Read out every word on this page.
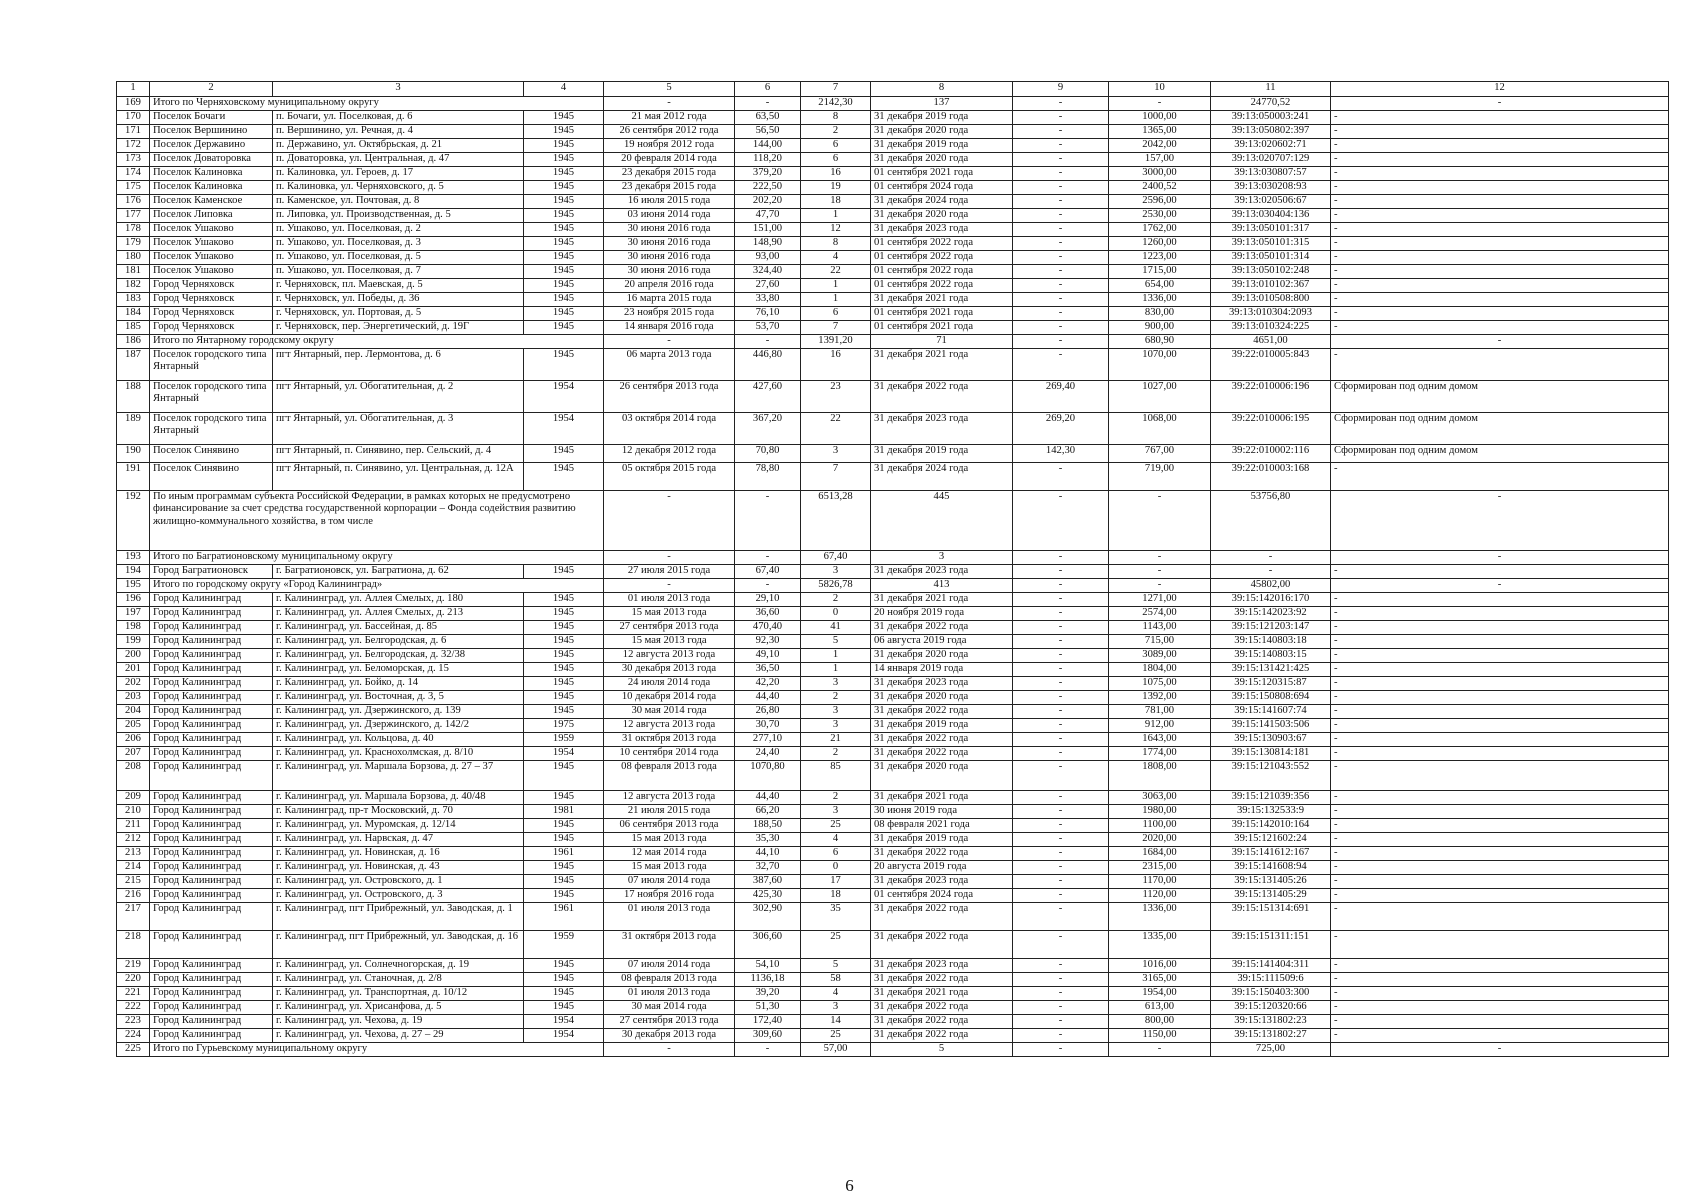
1	2	3	4	5	6	7	8	9	10	11	12	
169	Итого по Черняховскому муниципальному округу			-	-	2142,30	137	-	-	24770,52	-	
170	Поселок Бочаги	п. Бочаги, ул. Поселковая, д. 6	1945	21 мая 2012 года	63,50	8	31 декабря 2019 года	-	1000,00	39:13:050003:241	-	
171	Поселок Вершинино	п. Вершинино, ул. Речная, д. 4	1945	26 сентября 2012 года	56,50	2	31 декабря 2020 года	-	1365,00	39:13:050802:397	-	
172	Поселок Державино	п. Державино, ул. Октябрьская, д. 21	1945	19 ноября 2012 года	144,00	6	31 декабря 2019 года	-	2042,00	39:13:020602:71	-	
173	Поселок Доваторовка	п. Доваторовка, ул. Центральная, д. 47	1945	20 февраля 2014 года	118,20	6	31 декабря 2020 года	-	157,00	39:13:020707:129	-	
174	Поселок Калиновка	п. Калиновка, ул. Героев, д. 17	1945	23 декабря 2015 года	379,20	16	01 сентября 2021 года	-	3000,00	39:13:030807:57	-	
175	Поселок Калиновка	п. Калиновка, ул. Черняховского, д. 5	1945	23 декабря 2015 года	222,50	19	01 сентября 2024 года	-	2400,52	39:13:030208:93	-	
176	Поселок Каменское	п. Каменское, ул. Почтовая, д. 8	1945	16 июля 2015 года	202,20	18	31 декабря 2024 года	-	2596,00	39:13:020506:67	-	
177	Поселок Липовка	п. Липовка, ул. Производственная, д. 5	1945	03 июня 2014 года	47,70	1	31 декабря 2020 года	-	2530,00	39:13:030404:136	-	
178	Поселок Ушаково	п. Ушаково, ул. Поселковая, д. 2	1945	30 июня 2016 года	151,00	12	31 декабря 2023 года	-	1762,00	39:13:050101:317	-	
179	Поселок Ушаково	п. Ушаково, ул. Поселковая, д. 3	1945	30 июня 2016 года	148,90	8	01 сентября 2022 года	-	1260,00	39:13:050101:315	-	
180	Поселок Ушаково	п. Ушаково, ул. Поселковая, д. 5	1945	30 июня 2016 года	93,00	4	01 сентября 2022 года	-	1223,00	39:13:050101:314	-	
181	Поселок Ушаково	п. Ушаково, ул. Поселковая, д. 7	1945	30 июня 2016 года	324,40	22	01 сентября 2022 года	-	1715,00	39:13:050102:248	-	
182	Город Черняховск	г. Черняховск, пл. Маевская, д. 5	1945	20 апреля 2016 года	27,60	1	01 сентября 2022 года	-	654,00	39:13:010102:367	-	
183	Город Черняховск	г. Черняховск, ул. Победы, д. 36	1945	16 марта 2015 года	33,80	1	31 декабря 2021 года	-	1336,00	39:13:010508:800	-	
184	Город Черняховск	г. Черняховск, ул. Портовая, д. 5	1945	23 ноября 2015 года	76,10	6	01 сентября 2021 года	-	830,00	39:13:010304:2093	-	
185	Город Черняховск	г. Черняховск, пер. Энергетический, д. 19Г	1945	14 января 2016 года	53,70	7	01 сентября 2021 года	-	900,00	39:13:010324:225	-	
186	Итого по Янтарному городскому округу			-	-	1391,20	71	-	680,90	4651,00	-	
187	Поселок городского типа Янтарный	пгт Янтарный, пер. Лермонтова, д. 6	1945	06 марта 2013 года	446,80	16	31 декабря 2021 года	-	1070,00	39:22:010005:843	-	
188	Поселок городского типа Янтарный	пгт Янтарный, ул. Обогатительная, д. 2	1954	26 сентября 2013 года	427,60	23	31 декабря 2022 года	269,40	1027,00	39:22:010006:196	Сформирован под одним домом	
189	Поселок городского типа Янтарный	пгт Янтарный, ул. Обогатительная, д. 3	1954	03 октября 2014 года	367,20	22	31 декабря 2023 года	269,20	1068,00	39:22:010006:195	Сформирован под одним домом	
190	Поселок Синявино	пгт Янтарный, п. Синявино, пер. Сельский, д. 4	1945	12 декабря 2012 года	70,80	3	31 декабря 2019 года	142,30	767,00	39:22:010002:116	Сформирован под одним домом	
191	Поселок Синявино	пгт Янтарный, п. Синявино, ул. Центральная, д. 12А	1945	05 октября 2015 года	78,80	7	31 декабря 2024 года	-	719,00	39:22:010003:168	-	
192	По иным программам субъекта Российской Федерации, в рамках которых не предусмотрено финансирование за счет средства государственной корпорации – Фонда содействия развитию жилищно-коммунального хозяйства, в том числе			-	-	6513,28	445	-	-	53756,80	-	
193	Итого по Багратионовскому муниципальному округу			-	-	67,40	3	-	-	-	-	
194	Город Багратионовск	г. Багратионовск, ул. Багратиона, д. 62	1945	27 июля 2015 года	67,40	3	31 декабря 2023 года	-	-	-	-	
195	Итого по городскому округу «Город Калининград»			-	-	5826,78	413	-	-	45802,00	-	
196	Город Калининград	г. Калининград, ул. Аллея Смелых, д. 180	1945	01 июля 2013 года	29,10	2	31 декабря 2021 года	-	1271,00	39:15:142016:170	-	
197	Город Калининград	г. Калининград, ул. Аллея Смелых, д. 213	1945	15 мая 2013 года	36,60	0	20 ноября 2019 года	-	2574,00	39:15:142023:92	-	
198	Город Калининград	г. Калининград, ул. Бассейная, д. 85	1945	27 сентября 2013 года	470,40	41	31 декабря 2022 года	-	1143,00	39:15:121203:147	-	
199	Город Калининград	г. Калининград, ул. Белгородская, д. 6	1945	15 мая 2013 года	92,30	5	06 августа 2019 года	-	715,00	39:15:140803:18	-	
200	Город Калининград	г. Калининград, ул. Белгородская, д. 32/38	1945	12 августа 2013 года	49,10	1	31 декабря 2020 года	-	3089,00	39:15:140803:15	-	
201	Город Калининград	г. Калининград, ул. Беломорская, д. 15	1945	30 декабря 2013 года	36,50	1	14 января 2019 года	-	1804,00	39:15:131421:425	-	
202	Город Калининград	г. Калининград, ул. Бойко, д. 14	1945	24 июля 2014 года	42,20	3	31 декабря 2023 года	-	1075,00	39:15:120315:87	-	
203	Город Калининград	г. Калининград, ул. Восточная, д. 3, 5	1945	10 декабря 2014 года	44,40	2	31 декабря 2020 года	-	1392,00	39:15:150808:694	-	
204	Город Калининград	г. Калининград, ул. Дзержинского, д. 139	1945	30 мая 2014 года	26,80	3	31 декабря 2022 года	-	781,00	39:15:141607:74	-	
205	Город Калининград	г. Калининград, ул. Дзержинского, д. 142/2	1975	12 августа 2013 года	30,70	3	31 декабря 2019 года	-	912,00	39:15:141503:506	-	
206	Город Калининград	г. Калининград, ул. Кольцова, д. 40	1959	31 октября 2013 года	277,10	21	31 декабря 2022 года	-	1643,00	39:15:130903:67	-	
207	Город Калининград	г. Калининград, ул. Краснохолмская, д. 8/10	1954	10 сентября 2014 года	24,40	2	31 декабря 2022 года	-	1774,00	39:15:130814:181	-	
208	Город Калининград	г. Калининград, ул. Маршала Борзова, д. 27 – 37	1945	08 февраля 2013 года	1070,80	85	31 декабря 2020 года	-	1808,00	39:15:121043:552	-	
209	Город Калининград	г. Калининград, ул. Маршала Борзова, д. 40/48	1945	12 августа 2013 года	44,40	2	31 декабря 2021 года	-	3063,00	39:15:121039:356	-	
210	Город Калининград	г. Калининград, пр-т Московский, д. 70	1981	21 июля 2015 года	66,20	3	30 июня 2019 года	-	1980,00	39:15:132533:9	-	
211	Город Калининград	г. Калининград, ул. Муромская, д. 12/14	1945	06 сентября 2013 года	188,50	25	08 февраля 2021 года	-	1100,00	39:15:142010:164	-	
212	Город Калининград	г. Калининград, ул. Нарвская, д. 47	1945	15 мая 2013 года	35,30	4	31 декабря 2019 года	-	2020,00	39:15:121602:24	-	
213	Город Калининград	г. Калининград, ул. Новинская, д. 16	1961	12 мая 2014 года	44,10	6	31 декабря 2022 года	-	1684,00	39:15:141612:167	-	
214	Город Калининград	г. Калининград, ул. Новинская, д. 43	1945	15 мая 2013 года	32,70	0	20 августа 2019 года	-	2315,00	39:15:141608:94	-	
215	Город Калининград	г. Калининград, ул. Островского, д. 1	1945	07 июля 2014 года	387,60	17	31 декабря 2023 года	-	1170,00	39:15:131405:26	-	
216	Город Калининград	г. Калининград, ул. Островского, д. 3	1945	17 ноября 2016 года	425,30	18	01 сентября 2024 года	-	1120,00	39:15:131405:29	-	
217	Город Калининград	г. Калининград, пгт Прибрежный, ул. Заводская, д. 1	1961	01 июля 2013 года	302,90	35	31 декабря 2022 года	-	1336,00	39:15:151314:691	-	
218	Город Калининград	г. Калининград, пгт Прибрежный, ул. Заводская, д. 16	1959	31 октября 2013 года	306,60	25	31 декабря 2022 года	-	1335,00	39:15:151311:151	-	
219	Город Калининград	г. Калининград, ул. Солнечногорская, д. 19	1945	07 июля 2014 года	54,10	5	31 декабря 2023 года	-	1016,00	39:15:141404:311	-	
220	Город Калининград	г. Калининград, ул. Станочная, д. 2/8	1945	08 февраля 2013 года	1136,18	58	31 декабря 2022 года	-	3165,00	39:15:111509:6	-	
221	Город Калининград	г. Калининград, ул. Транспортная, д. 10/12	1945	01 июля 2013 года	39,20	4	31 декабря 2021 года	-	1954,00	39:15:150403:300	-	
222	Город Калининград	г. Калининград, ул. Хрисанфова, д. 5	1945	30 мая 2014 года	51,30	3	31 декабря 2022 года	-	613,00	39:15:120320:66	-	
223	Город Калининград	г. Калининград, ул. Чехова, д. 19	1954	27 сентября 2013 года	172,40	14	31 декабря 2022 года	-	800,00	39:15:131802:23	-	
224	Город Калининград	г. Калининград, ул. Чехова, д. 27 – 29	1954	30 декабря 2013 года	309,60	25	31 декабря 2022 года	-	1150,00	39:15:131802:27	-	
225	Итого по Гурьевскому муниципальному округу			-	-	57,00	5	-	-	725,00	-	
6
